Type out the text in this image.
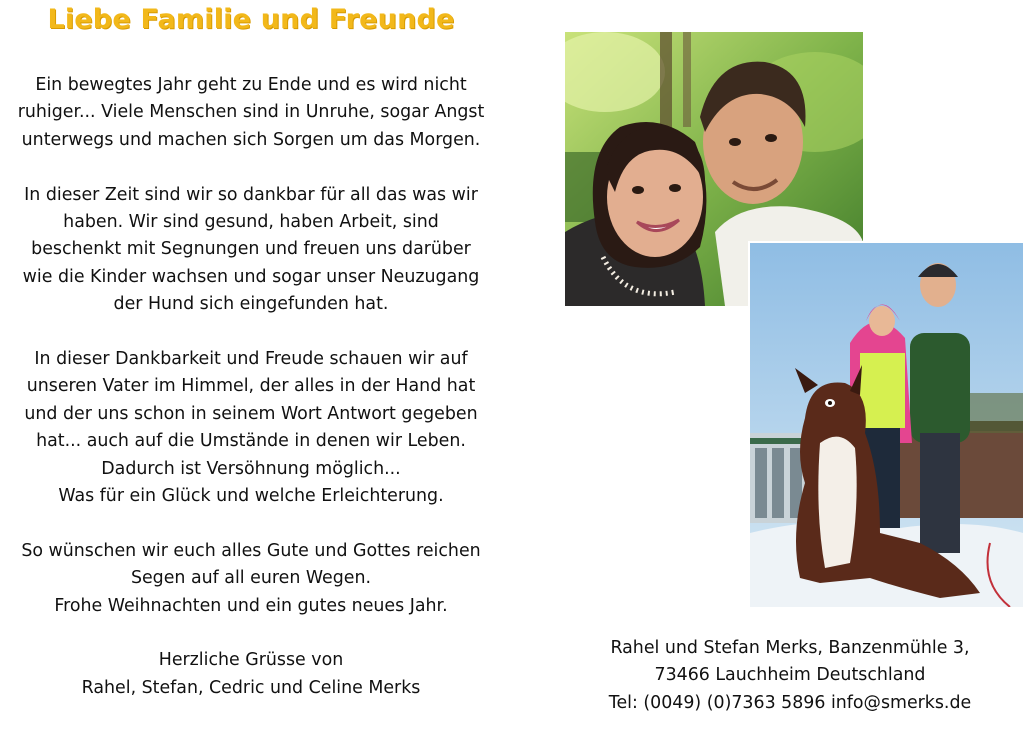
Liebe Familie und Freunde

Ein bewegtes Jahr geht zu Ende und es wird nicht

ruhiger... Viele Menschen sind in Unruhe, sogar Angst

unterwegs und machen sich Sorgen um das Morgen.

In dieser Zeit sind wir so dankbar für all das was wir

haben. Wir sind gesund, haben Arbeit, sind

beschenkt mit Segnungen und freuen uns darüber

wie die Kinder wachsen und sogar unser Neuzugang

der Hund sich eingefunden hat.

In dieser Dankbarkeit und Freude schauen wir auf

unseren Vater im Himmel, der alles in der Hand hat

und der uns schon in seinem Wort Antwort gegeben

hat... auch auf die Umstände in denen wir Leben.

Dadurch ist Versöhnung möglich...

Was für ein Glück und welche Erleichterung.

So wünschen wir euch alles Gute und Gottes reichen

Segen auf all euren Wegen.

Frohe Weihnachten und ein gutes neues Jahr.

Herzliche Grüsse von

Rahel, Stefan, Cedric und Celine Merks

Rahel und Stefan Merks, Banzenmühle 3,

73466 Lauchheim Deutschland

Tel: (0049) (0)7363 5896 info@smerks.de
